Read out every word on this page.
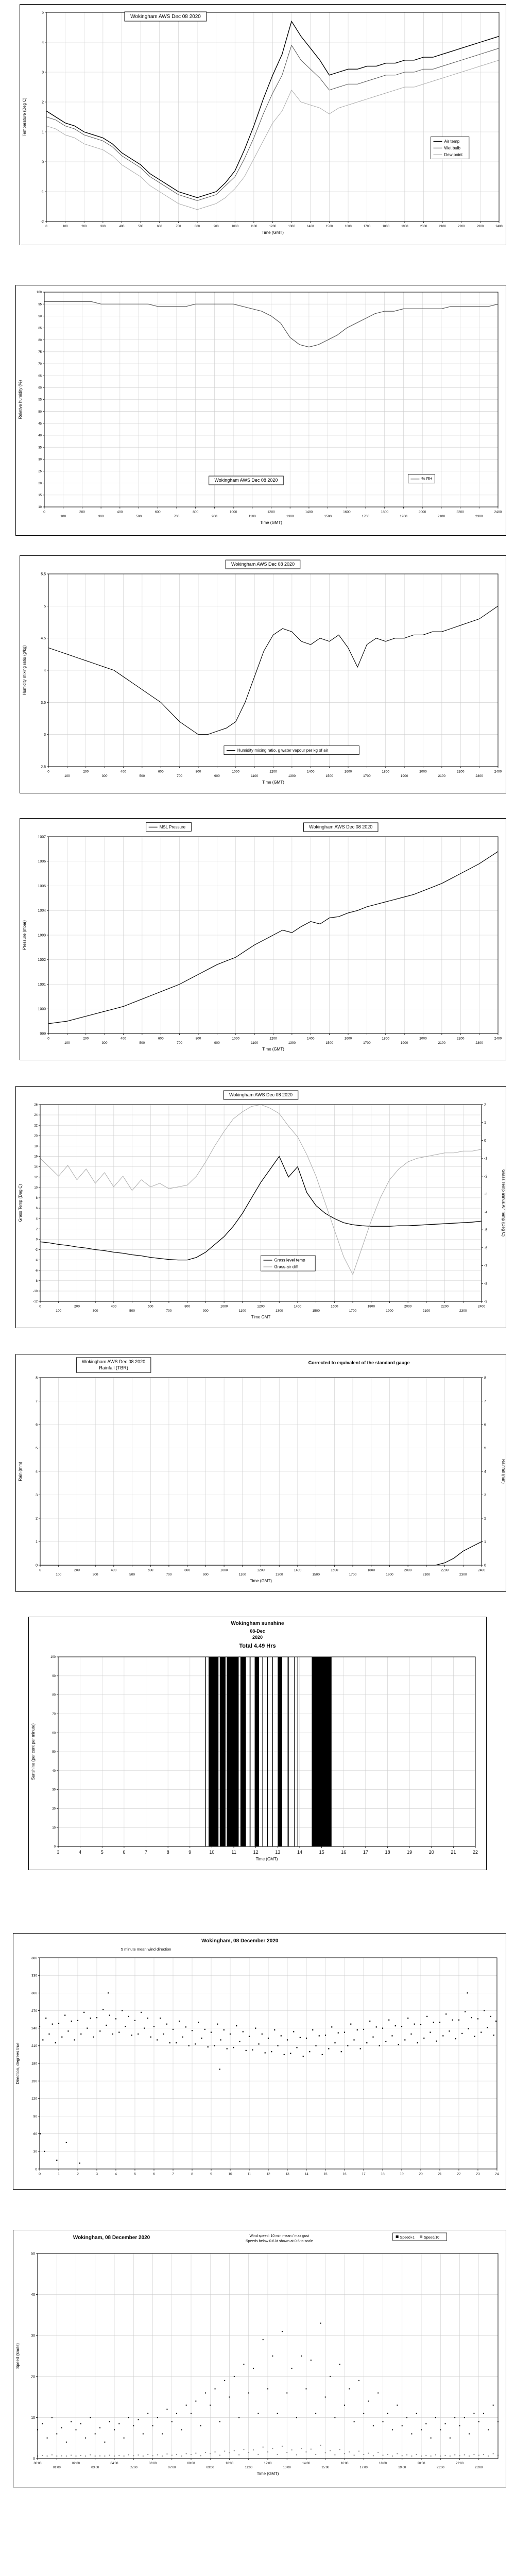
0	100	200	300	400	500	600	700	800	900	1000	1100	1200	1300	1400	1500	1600	1700	1800	1900	2000	2100	2200	2300	2400
-2
-1
0
1
2
3
4
5
Time (GMT)
Temperature (Deg C)
Wokingham AWS Dec 08 2020
Air temp
Wet bulb
Dew point
0
100
200
300
400
500
600
700
800
900
1000
1100
1200
1300
1400
1500
1600
1700
1800
1900
2000
2100
2200
2300
2400
10
15
20
25
30
35
40
45
50
55
60
65
70
75
80
85
90
95
100
Time (GMT)
Relative humidity (%)
Wokingham AWS Dec 08 2020	% RH
0
100
200
300
400
500
600
700
800
900
1000
1100
1200
1300
1400
1500
1600
1700
1800
1900
2000
2100
2200
2300
2400
2.5
3
3.5
4
4.5
5
5.5
Time (GMT)
Humidity mixing ratio (g/kg)
Wokingham AWS Dec 08 2020
Humidity mixing ratio, g water vapour per kg of air
0
100
200
300
400
500
600
700
800
900
1000
1100
1200
1300
1400
1500
1600
1700
1800
1900
2000
2100
2200
2300
2400
999
1000
1001
1002
1003
1004
1005
1006
1007
Time (GMT)
Pressure (mbar)
Wokingham AWS Dec 08 2020
MSL Pressure
0
100
200
300
400
500
600
700
800
900
1000
1100
1200
1300
1400
1500
1600
1700
1800
1900
2000
2100
2200
2300
2400
-12
-10
-8
-6
-4
-2
0
2
4
6
8
10
12
14
16
18
20
22
24
26
-9
-8
-7
-6
-5
-4
-3
-2
-1
0
1
2
Time GMT
Grass Temp (Deg C)	Grass Temp minus Air Temp (Deg C)
Wokingham AWS Dec 08 2020
Grass level temp
Grass-air diff
0
100
200
300
400
500
600
700
800
900
1000
1100
1200
1300
1400
1500
1600
1700
1800
1900
2000
2100
2200
2300
2400
0
1
2
3
4
5
6
7
8
0
1
2
3
4
5
6
7
8
Time (GMT)
Rain (mm)	Rainfall (mm)
Wokingham AWS Dec 08 2020
Rainfall (TBR)
Corrected to equivalent of the standard gauge
3	4	5	6	7	8	9	10	11	12	13	14	15	16	17	18	19	20	21	22
0
10
20
30
40
50
60
70
80
90
100
Time (GMT)
Sunshine (per cent per minute)
Wokingham sunshine
08-Dec
2020
Total 4.49 Hrs
0	1	2	3	4	5	6	7	8	9	10	11	12	13	14	15	16	17	18	19	20	21	22	23	24
0
30
60
90
120
150
180
210
240
270
300
330
360
Direction, degrees true
Wokingham, 08 December 2020
5 minute mean wind direction
00:00
01:00
02:00
03:00
04:00
05:00
06:00
07:00
08:00
09:00
10:00
11:00
12:00
13:00
14:00
15:00
16:00
17:00
18:00
19:00
20:00
21:00
22:00
23:00
0
10
20
30
40
50
Time (GMT)
Speed (knots)
Wokingham, 08 December 2020	Wind speed: 10 min mean / max gust
Speeds below 0.6 kt shown at 0.6 to scale
Speed+1	Speed/10
